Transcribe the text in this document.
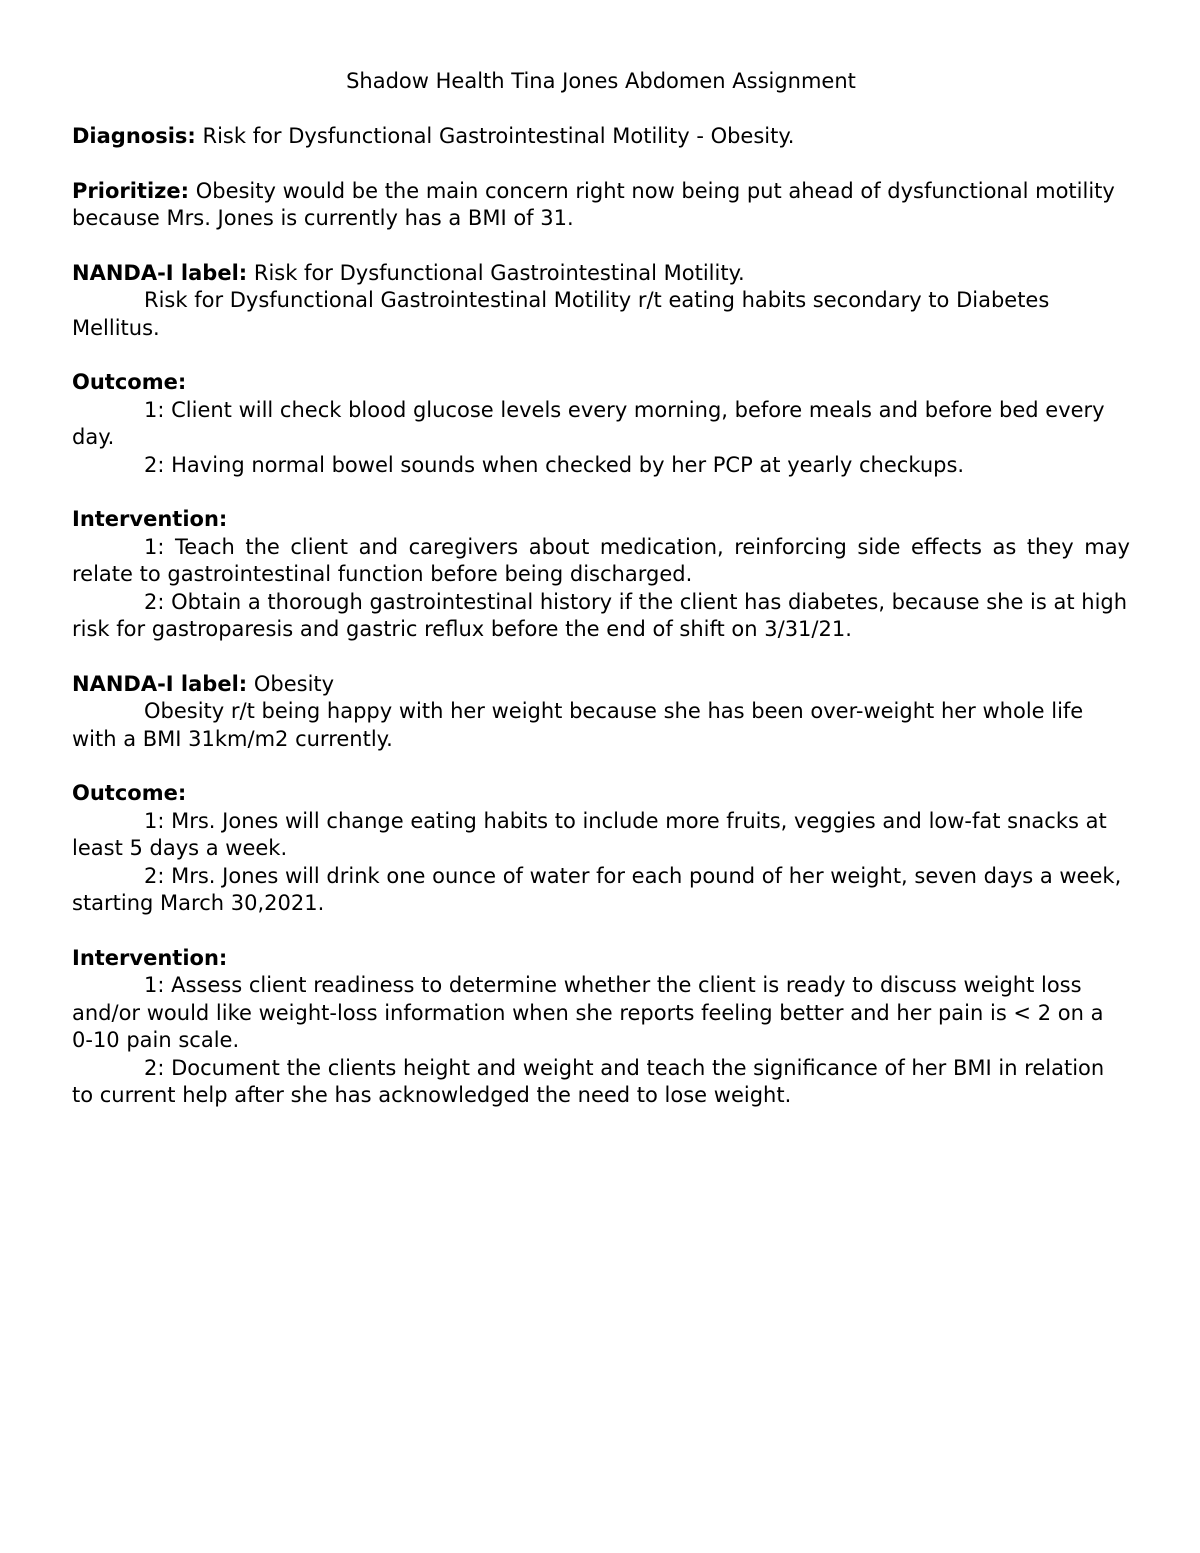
Shadow Health Tina Jones Abdomen Assignment

Diagnosis: Risk for Dysfunctional Gastrointestinal Motility - Obesity.

Prioritize: Obesity would be the main concern right now being put ahead of dysfunctional motility because Mrs. Jones is currently has a BMI of 31.

NANDA-I label: Risk for Dysfunctional Gastrointestinal Motility.

Risk for Dysfunctional Gastrointestinal Motility r/t eating habits secondary to Diabetes Mellitus.

Outcome:

1: Client will check blood glucose levels every morning, before meals and before bed every day.

2: Having normal bowel sounds when checked by her PCP at yearly checkups.

Intervention:

1: Teach the client and caregivers about medication, reinforcing side effects as they may relate to gastrointestinal function before being discharged.

2: Obtain a thorough gastrointestinal history if the client has diabetes, because she is at high risk for gastroparesis and gastric reflux before the end of shift on 3/31/21.

NANDA-I label: Obesity

Obesity r/t being happy with her weight because she has been over-weight her whole life with a BMI 31km/m2 currently.

Outcome:

1: Mrs. Jones will change eating habits to include more fruits, veggies and low-fat snacks at least 5 days a week.

2: Mrs. Jones will drink one ounce of water for each pound of her weight, seven days a week, starting March 30,2021.

Intervention:

1: Assess client readiness to determine whether the client is ready to discuss weight loss and/or would like weight-loss information when she reports feeling better and her pain is < 2 on a 0-10 pain scale.

2: Document the clients height and weight and teach the significance of her BMI in relation to current help after she has acknowledged the need to lose weight.
